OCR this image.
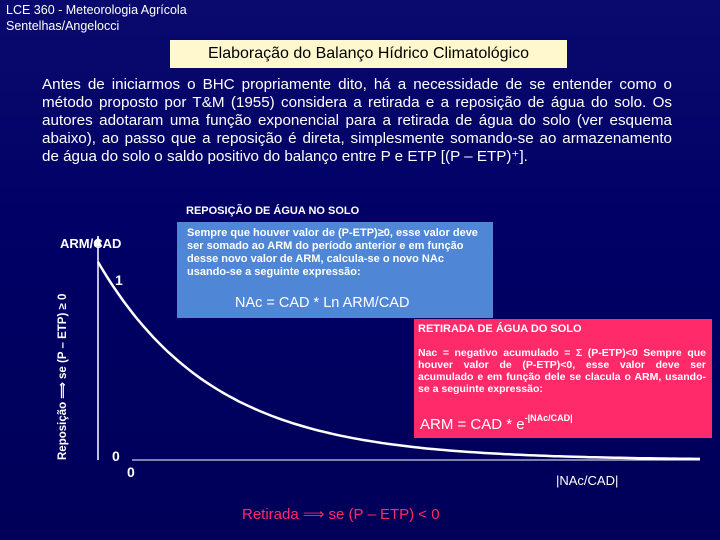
LCE 360 - Meteorologia Agrícola
Sentelhas/Angelocci
Elaboração do Balanço Hídrico Climatológico
Antes de iniciarmos o BHC propriamente dito, há a necessidade de se entender como o método proposto por T&M (1955) considera a retirada e a reposição de água do solo. Os autores adotaram uma função exponencial para a retirada de água do solo (ver esquema abaixo), ao passo que a reposição é direta, simplesmente somando-se ao armazenamento de água do solo o saldo positivo do balanço entre P e ETP [(P – ETP)⁺].
REPOSIÇÃO DE ÁGUA NO SOLO
ARM/CAD
Reposição ⟹ se (P – ETP) ≥ 0
1
0
0
Sempre que houver valor de (P-ETP)≥0, esse valor deve ser somado ao ARM do período anterior e em função desse novo valor de ARM, calcula-se o novo NAc usando-se a seguinte expressão:
NAc = CAD * Ln ARM/CAD
RETIRADA DE ÁGUA DO SOLO
Nac = negativo acumulado = Σ (P-ETP)<0 Sempre que houver valor de (P-ETP)<0, esse valor deve ser acumulado e em função dele se clacula o ARM, usando-se a seguinte expressão:
ARM = CAD * $e^{-|NAc/CAD|}$
|NAc/CAD|
Retirada ⟹ se (P – ETP) < 0
